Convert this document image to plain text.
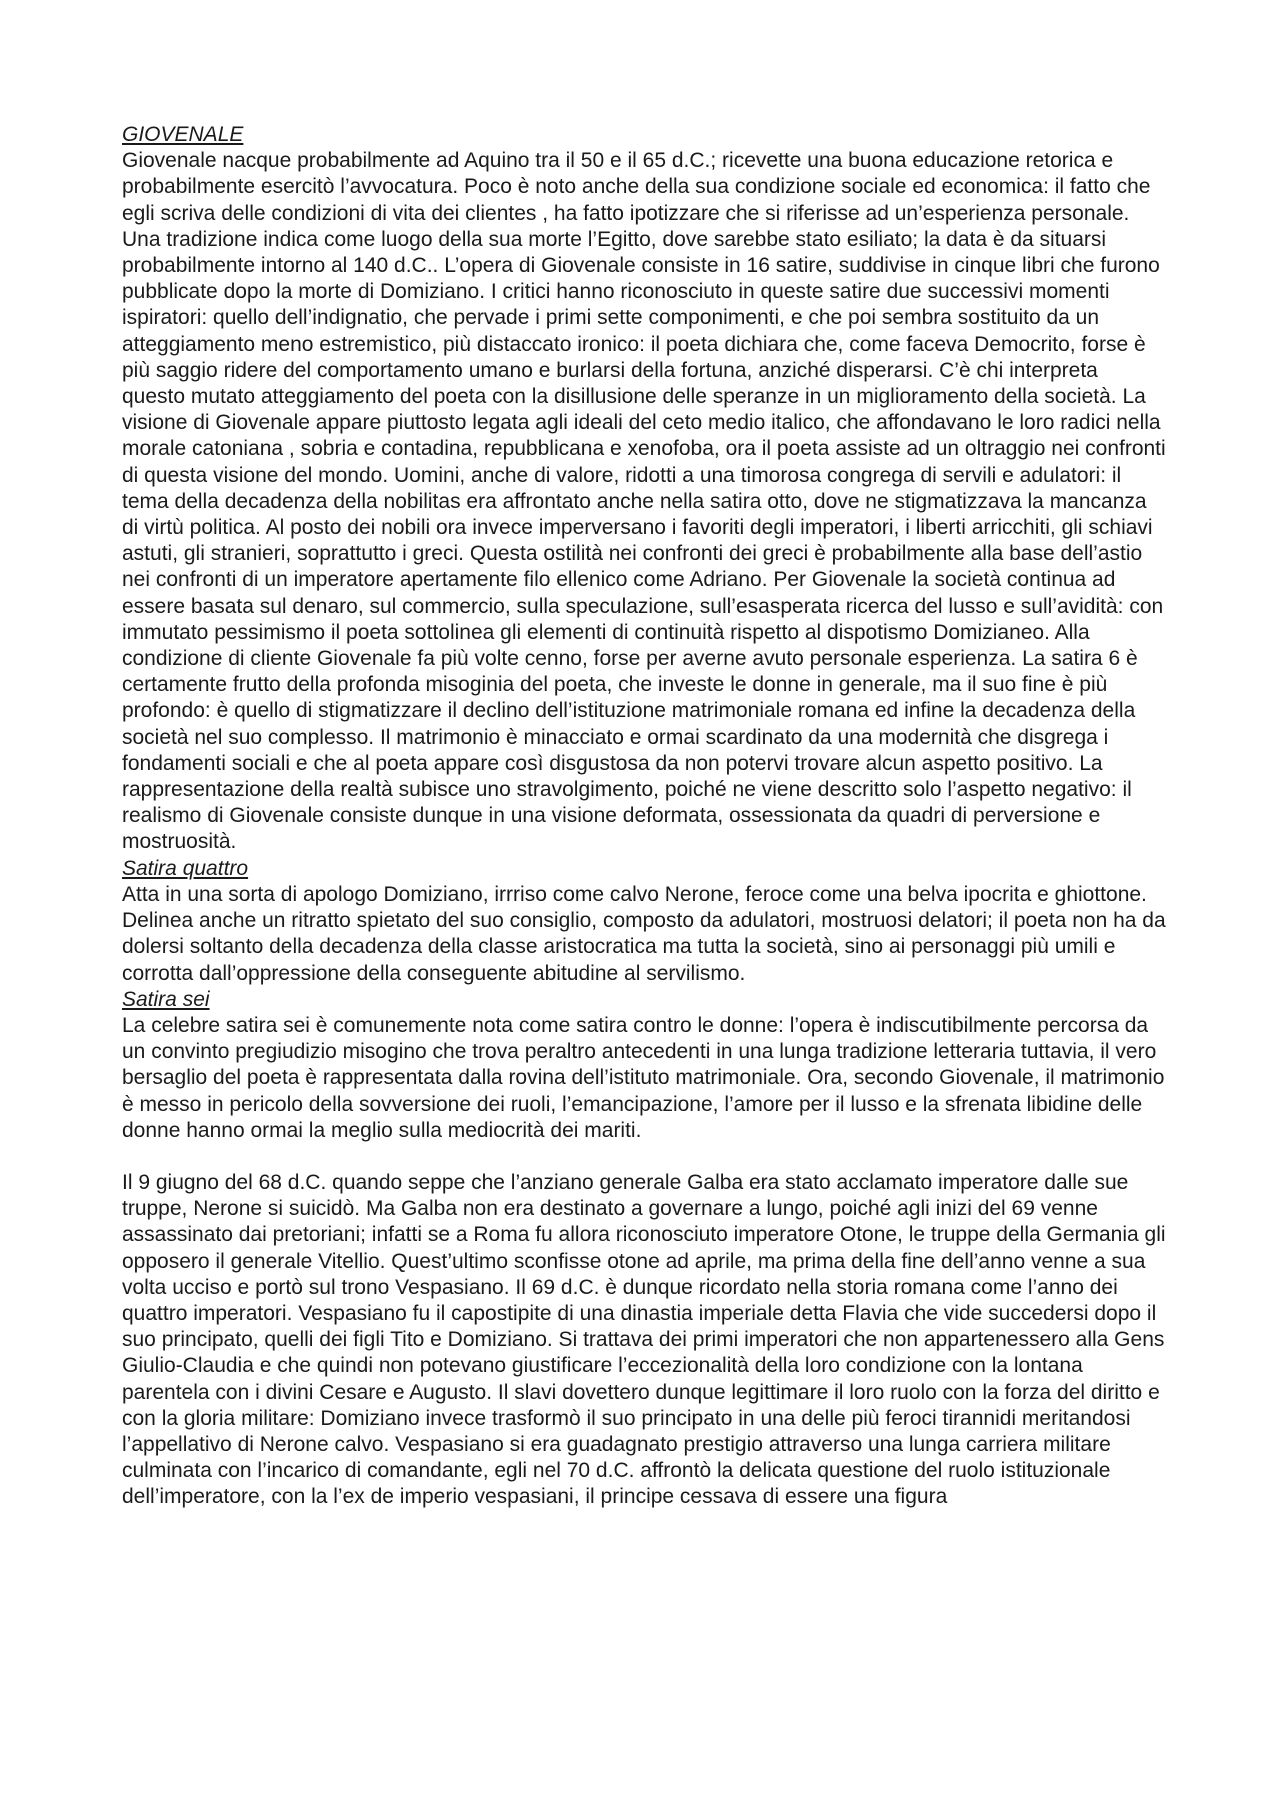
GIOVENALE

Giovenale nacque probabilmente ad Aquino tra il 50 e il 65 d.C.; ricevette una buona educazione retorica e probabilmente esercitò l’avvocatura. Poco è noto anche della sua condizione sociale ed economica: il fatto che egli scriva delle condizioni di vita dei clientes , ha fatto ipotizzare che si riferisse ad un’esperienza personale. Una tradizione indica come luogo della sua morte l’Egitto, dove sarebbe stato esiliato; la data è da situarsi probabilmente intorno al 140 d.C.. L’opera di Giovenale consiste in 16 satire, suddivise in cinque libri che furono pubblicate dopo la morte di Domiziano. I critici hanno riconosciuto in queste satire due successivi momenti ispiratori: quello dell’indignatio, che pervade i primi sette componimenti, e che poi sembra sostituito da un atteggiamento meno estremistico, più distaccato ironico: il poeta dichiara che, come faceva Democrito, forse è più saggio ridere del comportamento umano e burlarsi della fortuna, anziché disperarsi. C’è chi interpreta questo mutato atteggiamento del poeta con la disillusione delle speranze in un miglioramento della società. La visione di Giovenale appare piuttosto legata agli ideali del ceto medio italico, che affondavano le loro radici nella morale catoniana , sobria e contadina, repubblicana e xenofoba, ora il poeta assiste ad un oltraggio nei confronti di questa visione del mondo. Uomini, anche di valore, ridotti a una timorosa congrega di servili e adulatori: il tema della decadenza della nobilitas era affrontato anche nella satira otto, dove ne stigmatizzava la mancanza di virtù politica. Al posto dei nobili ora invece imperversano i favoriti degli imperatori, i liberti arricchiti, gli schiavi astuti, gli stranieri, soprattutto i greci. Questa ostilità nei confronti dei greci è probabilmente alla base dell’astio nei confronti di un imperatore apertamente filo ellenico come Adriano. Per Giovenale la società continua ad essere basata sul denaro, sul commercio, sulla speculazione, sull’esasperata ricerca del lusso e sull’avidità: con immutato pessimismo il poeta sottolinea gli elementi di continuità rispetto al dispotismo Domizianeo. Alla condizione di cliente Giovenale fa più volte cenno, forse per averne avuto personale esperienza. La satira 6 è certamente frutto della profonda misoginia del poeta, che investe le donne in generale, ma il suo fine è più profondo: è quello di stigmatizzare il declino dell’istituzione matrimoniale romana ed infine la decadenza della società nel suo complesso. Il matrimonio è minacciato e ormai scardinato da una modernità che disgrega i fondamenti sociali e che al poeta appare così disgustosa da non potervi trovare alcun aspetto positivo. La rappresentazione della realtà subisce uno stravolgimento, poiché ne viene descritto solo l’aspetto negativo: il realismo di Giovenale consiste dunque in una visione deformata, ossessionata da quadri di perversione e mostruosità.

Satira quattro

Atta in una sorta di apologo Domiziano, irrriso come calvo Nerone, feroce come una belva ipocrita e ghiottone. Delinea anche un ritratto spietato del suo consiglio, composto da adulatori, mostruosi delatori; il poeta non ha da dolersi soltanto della decadenza della classe aristocratica ma tutta la società, sino ai personaggi più umili e corrotta dall’oppressione della conseguente abitudine al servilismo.

Satira sei

La celebre satira sei è comunemente nota come satira contro le donne: l’opera è indiscutibilmente percorsa da un convinto pregiudizio misogino che trova peraltro antecedenti in una lunga tradizione letteraria tuttavia, il vero bersaglio del poeta è rappresentata dalla rovina dell’istituto matrimoniale. Ora, secondo Giovenale, il matrimonio è messo in pericolo della sovversione dei ruoli, l’emancipazione, l’amore per il lusso e la sfrenata libidine delle donne hanno ormai la meglio sulla mediocrità dei mariti.

Il 9 giugno del 68 d.C. quando seppe che l’anziano generale Galba era stato acclamato imperatore dalle sue truppe, Nerone si suicidò. Ma Galba non era destinato a governare a lungo, poiché agli inizi del 69 venne assassinato dai pretoriani; infatti se a Roma fu allora riconosciuto imperatore Otone, le truppe della Germania gli opposero il generale Vitellio. Quest’ultimo sconfisse otone ad aprile, ma prima della fine dell’anno venne a sua volta ucciso e portò sul trono Vespasiano. Il 69 d.C. è dunque ricordato nella storia romana come l’anno dei quattro imperatori. Vespasiano fu il capostipite di una dinastia imperiale detta Flavia che vide succedersi dopo il suo principato, quelli dei figli Tito e Domiziano. Si trattava dei primi imperatori che non appartenessero alla Gens Giulio-Claudia e che quindi non potevano giustificare l’eccezionalità della loro condizione con la lontana parentela con i divini Cesare e Augusto. Il slavi dovettero dunque legittimare il loro ruolo con la forza del diritto e con la gloria militare: Domiziano invece trasformò il suo principato in una delle più feroci tirannidi meritandosi l’appellativo di Nerone calvo. Vespasiano si era guadagnato prestigio attraverso una lunga carriera militare culminata con l’incarico di comandante, egli nel 70 d.C. affrontò la delicata questione del ruolo istituzionale dell’imperatore, con la l’ex de imperio vespasiani, il principe cessava di essere una figura
